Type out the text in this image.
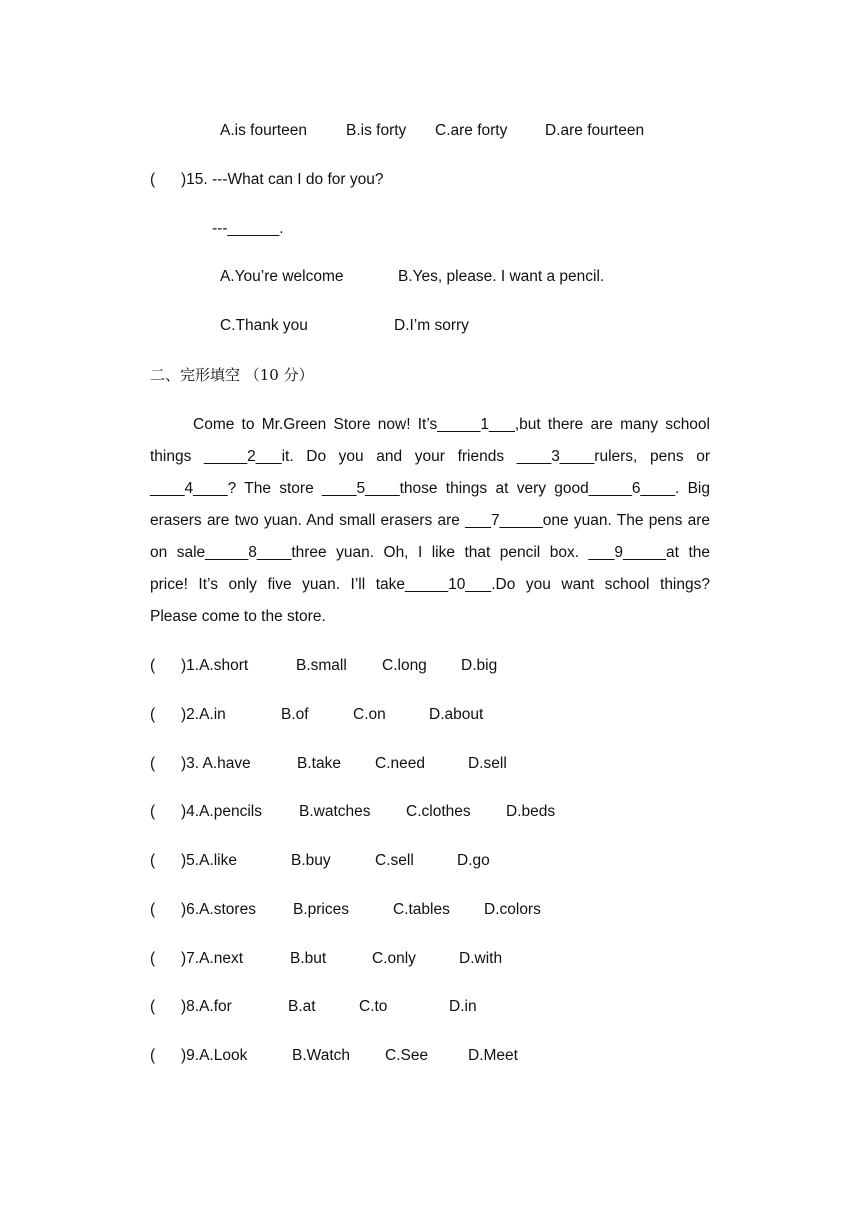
A.is fourteen	B.is forty C.are forty D.are fourteen
(      )15. ---What can I do for you?
---______.
A.You’re welcome	B.Yes, please. I want a pencil.
C.Thank you	D.I’m sorry
二、完形填空 （10 分）
Come to Mr.Green Store now! It’s_____1___,but there are many school
things _____2___it. Do you and your friends ____3____rulers, pens or
____4____? The store ____5____those things at very good_____6____. Big
erasers are two yuan. And small erasers are ___7_____one yuan. The pens are
on sale_____8____three yuan. Oh, I like that pencil box. ___9_____at the
price! It’s only five yuan. I’ll take_____10___.Do you want school things?
Please come to the store.
(      )1.A.short	B.small C.long D.big
(      )2.A.in	B.of	C.on	D.about
(      )3. A.have	B.take C.need	D.sell
(      )4.A.pencils B.watches C.clothes D.beds
(      )5.A.like	B.buy	C.sell	D.go
(      )6.A.stores B.prices	C.tables D.colors
(      )7.A.next	B.but	C.only	D.with
(      )8.A.for	B.at	C.to	D.in
(      )9.A.Look	B.Watch C.See	D.Meet
